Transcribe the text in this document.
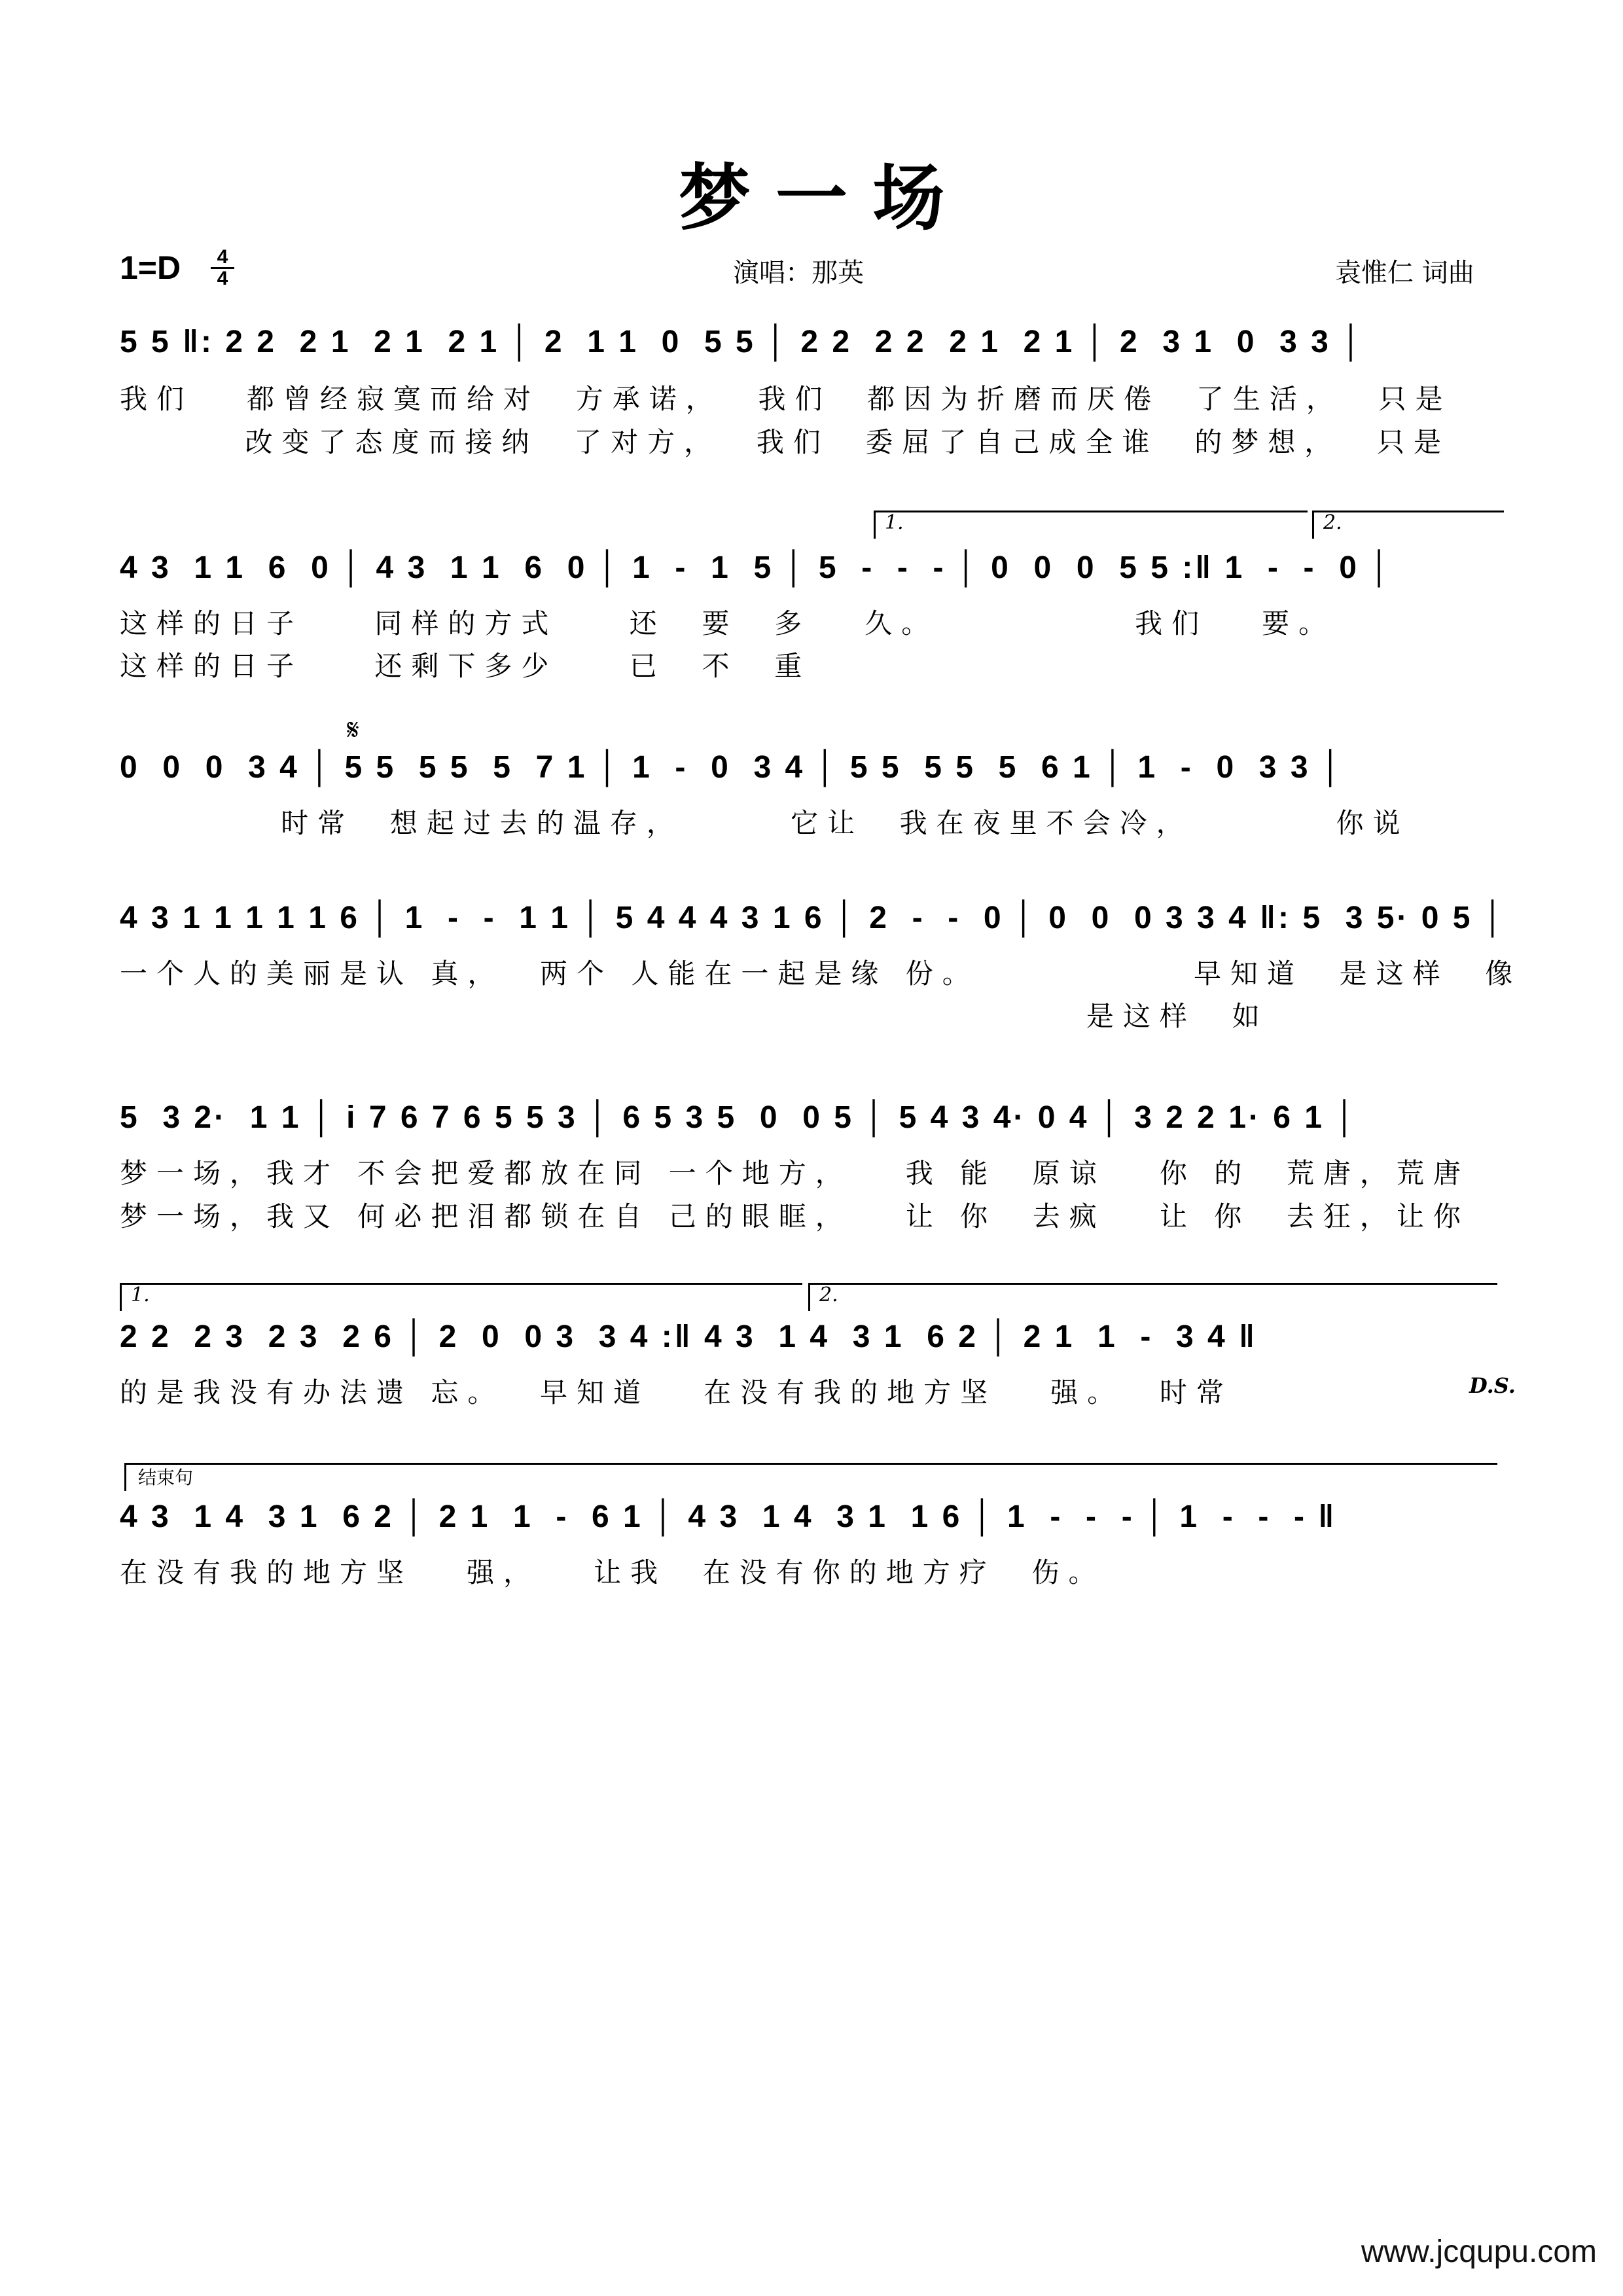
梦 一 场
1=D	4
4	演唱：那英	袁惟仁 词曲
5 5 ‖: 2 2  2 1  2 1  2 1 │ 2  1 1  0  5 5 │ 2 2  2 2  2 1  2 1 │ 2  3 1  0  3 3 │
我们   都曾经寂寞而给对  方承诺，  我们  都因为折磨而厌倦  了生活，  只是
改变了态度而接纳  了对方，  我们  委屈了自己成全谁  的梦想，  只是
1.	2.
4 3  1 1  6  0 │ 4 3  1 1  6  0 │ 1  -  1  5 │ 5  -  -  - │ 0  0  0  5 5 :‖ 1  -  -  0 │
这样的日子    同样的方式    还  要  多   久。           我们   要。
这样的日子    还剩下多少    已  不  重
𝄋
0  0  0  3 4 │ 5 5  5 5  5  7 1 │ 1  -  0  3 4 │ 5 5  5 5  5  6 1 │ 1  -  0  3 3 │
时常  想起过去的温存，      它让  我在夜里不会冷，        你说
4 3 1 1 1 1 1 6 │ 1  -  -  1 1 │ 5 4 4 4 3 1 6 │ 2  -  -  0 │ 0  0  0 3 3 4 ‖: 5  3 5· 0 5 │
一个人的美丽是认 真，  两个 人能在一起是缘 份。            早知道  是这样  像
是这样  如
5  3 2·  1 1 │ i 7 6 7 6 5 5 3 │ 6 5 3 5  0  0 5 │ 5 4 3 4· 0 4 │ 3 2 2 1· 6 1 │
梦一场，我才 不会把爱都放在同 一个地方，   我 能  原谅   你 的  荒唐，荒唐
梦一场，我又 何必把泪都锁在自 己的眼眶，   让 你  去疯   让 你  去狂，让你
1.	2.
2 2  2 3  2 3  2 6 │ 2  0  0 3  3 4 :‖ 4 3  1 4  3 1  6 2 │ 2 1  1  -  3 4 ‖
的是我没有办法遗 忘。  早知道   在没有我的地方坚   强。  时常	D.S.
结束句
4 3  1 4  3 1  6 2 │ 2 1  1  -  6 1 │ 4 3  1 4  3 1  1 6 │ 1  -  -  - │ 1  -  -  - ‖
在没有我的地方坚   强，   让我  在没有你的地方疗  伤。
www.jcqupu.com
